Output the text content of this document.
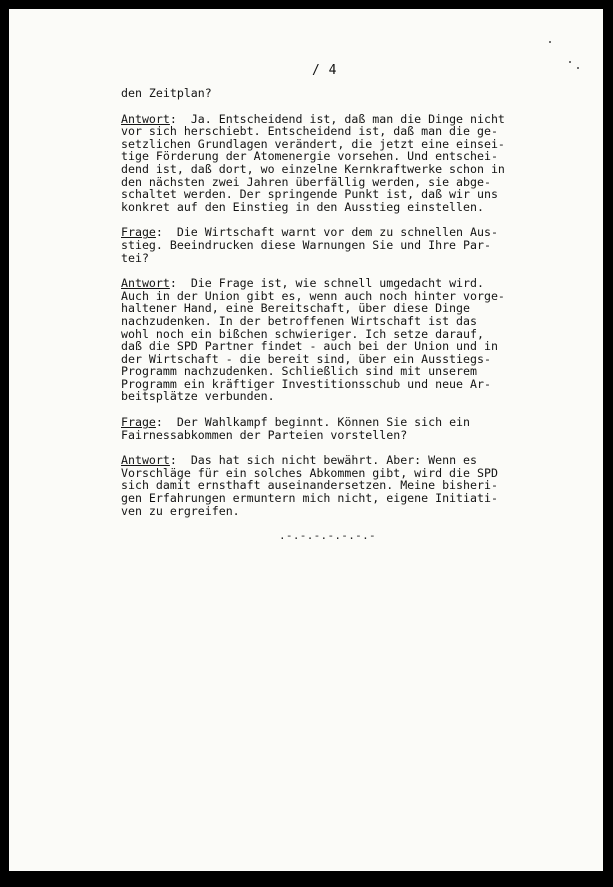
/ 4
den Zeitplan?
Antwort:  Ja. Entscheidend ist, daß man die Dinge nicht
vor sich herschiebt. Entscheidend ist, daß man die ge-
setzlichen Grundlagen verändert, die jetzt eine einsei-
tige Förderung der Atomenergie vorsehen. Und entschei-
dend ist, daß dort, wo einzelne Kernkraftwerke schon in
den nächsten zwei Jahren überfällig werden, sie abge-
schaltet werden. Der springende Punkt ist, daß wir uns
konkret auf den Einstieg in den Ausstieg einstellen.
Frage:  Die Wirtschaft warnt vor dem zu schnellen Aus-
stieg. Beeindrucken diese Warnungen Sie und Ihre Par-
tei?
Antwort:  Die Frage ist, wie schnell umgedacht wird.
Auch in der Union gibt es, wenn auch noch hinter vorge-
haltener Hand, eine Bereitschaft, über diese Dinge
nachzudenken. In der betroffenen Wirtschaft ist das
wohl noch ein bißchen schwieriger. Ich setze darauf,
daß die SPD Partner findet - auch bei der Union und in
der Wirtschaft - die bereit sind, über ein Ausstiegs-
Programm nachzudenken. Schließlich sind mit unserem
Programm ein kräftiger Investitionsschub und neue Ar-
beitsplätze verbunden.
Frage:  Der Wahlkampf beginnt. Können Sie sich ein
Fairnessabkommen der Parteien vorstellen?
Antwort:  Das hat sich nicht bewährt. Aber: Wenn es
Vorschläge für ein solches Abkommen gibt, wird die SPD
sich damit ernsthaft auseinandersetzen. Meine bisheri-
gen Erfahrungen ermuntern mich nicht, eigene Initiati-
ven zu ergreifen.
.-.-.-.-.-.-.-
